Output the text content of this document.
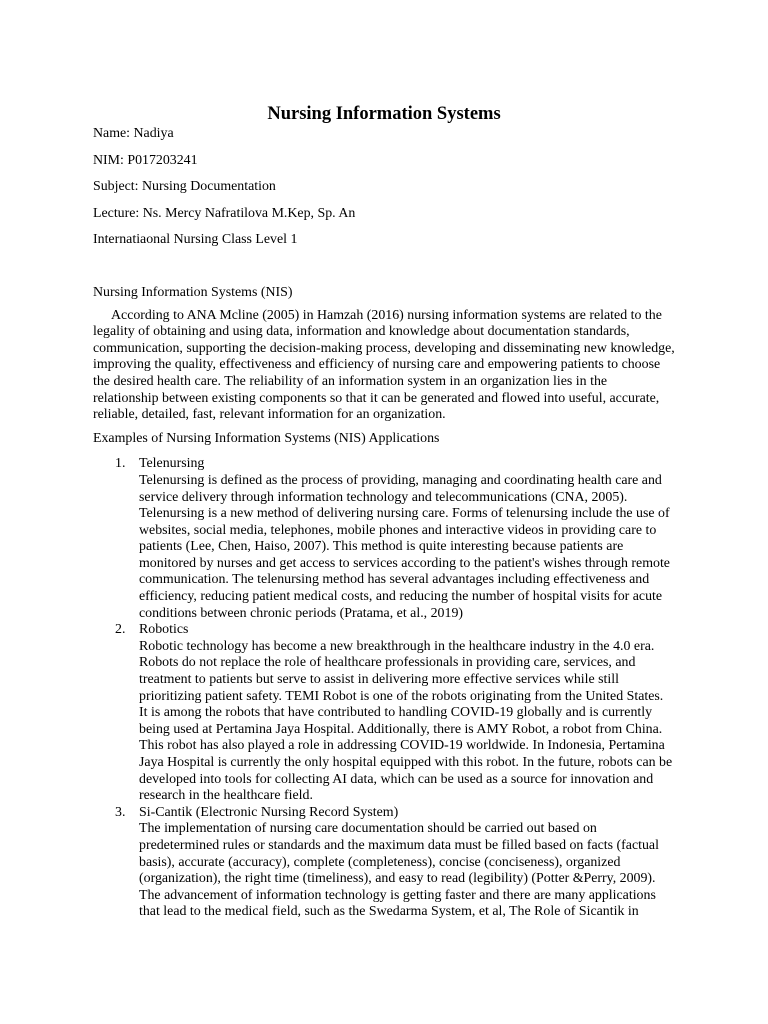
Nursing Information Systems
Name: Nadiya
NIM: P017203241
Subject: Nursing Documentation
Lecture: Ns. Mercy Nafratilova M.Kep, Sp. An
Internatiaonal Nursing Class Level 1
Nursing Information Systems (NIS)
According to ANA Mcline (2005) in Hamzah (2016) nursing information systems are related to the legality of obtaining and using data, information and knowledge about documentation standards, communication, supporting the decision-making process, developing and disseminating new knowledge, improving the quality, effectiveness and efficiency of nursing care and empowering patients to choose the desired health care. The reliability of an information system in an organization lies in the relationship between existing components so that it can be generated and flowed into useful, accurate, reliable, detailed, fast, relevant information for an organization.
Examples of Nursing Information Systems (NIS) Applications
1. Telenursing
Telenursing is defined as the process of providing, managing and coordinating health care and service delivery through information technology and telecommunications (CNA, 2005). Telenursing is a new method of delivering nursing care. Forms of telenursing include the use of websites, social media, telephones, mobile phones and interactive videos in providing care to patients (Lee, Chen, Haiso, 2007). This method is quite interesting because patients are monitored by nurses and get access to services according to the patient's wishes through remote communication. The telenursing method has several advantages including effectiveness and efficiency, reducing patient medical costs, and reducing the number of hospital visits for acute conditions between chronic periods (Pratama, et al., 2019)
2. Robotics
Robotic technology has become a new breakthrough in the healthcare industry in the 4.0 era. Robots do not replace the role of healthcare professionals in providing care, services, and treatment to patients but serve to assist in delivering more effective services while still prioritizing patient safety. TEMI Robot is one of the robots originating from the United States. It is among the robots that have contributed to handling COVID-19 globally and is currently being used at Pertamina Jaya Hospital. Additionally, there is AMY Robot, a robot from China. This robot has also played a role in addressing COVID-19 worldwide. In Indonesia, Pertamina Jaya Hospital is currently the only hospital equipped with this robot. In the future, robots can be developed into tools for collecting AI data, which can be used as a source for innovation and research in the healthcare field.
3. Si-Cantik (Electronic Nursing Record System)
The implementation of nursing care documentation should be carried out based on predetermined rules or standards and the maximum data must be filled based on facts (factual basis), accurate (accuracy), complete (completeness), concise (conciseness), organized (organization), the right time (timeliness), and easy to read (legibility) (Potter &Perry, 2009). The advancement of information technology is getting faster and there are many applications that lead to the medical field, such as the Swedarma System, et al, The Role of Sicantik in
